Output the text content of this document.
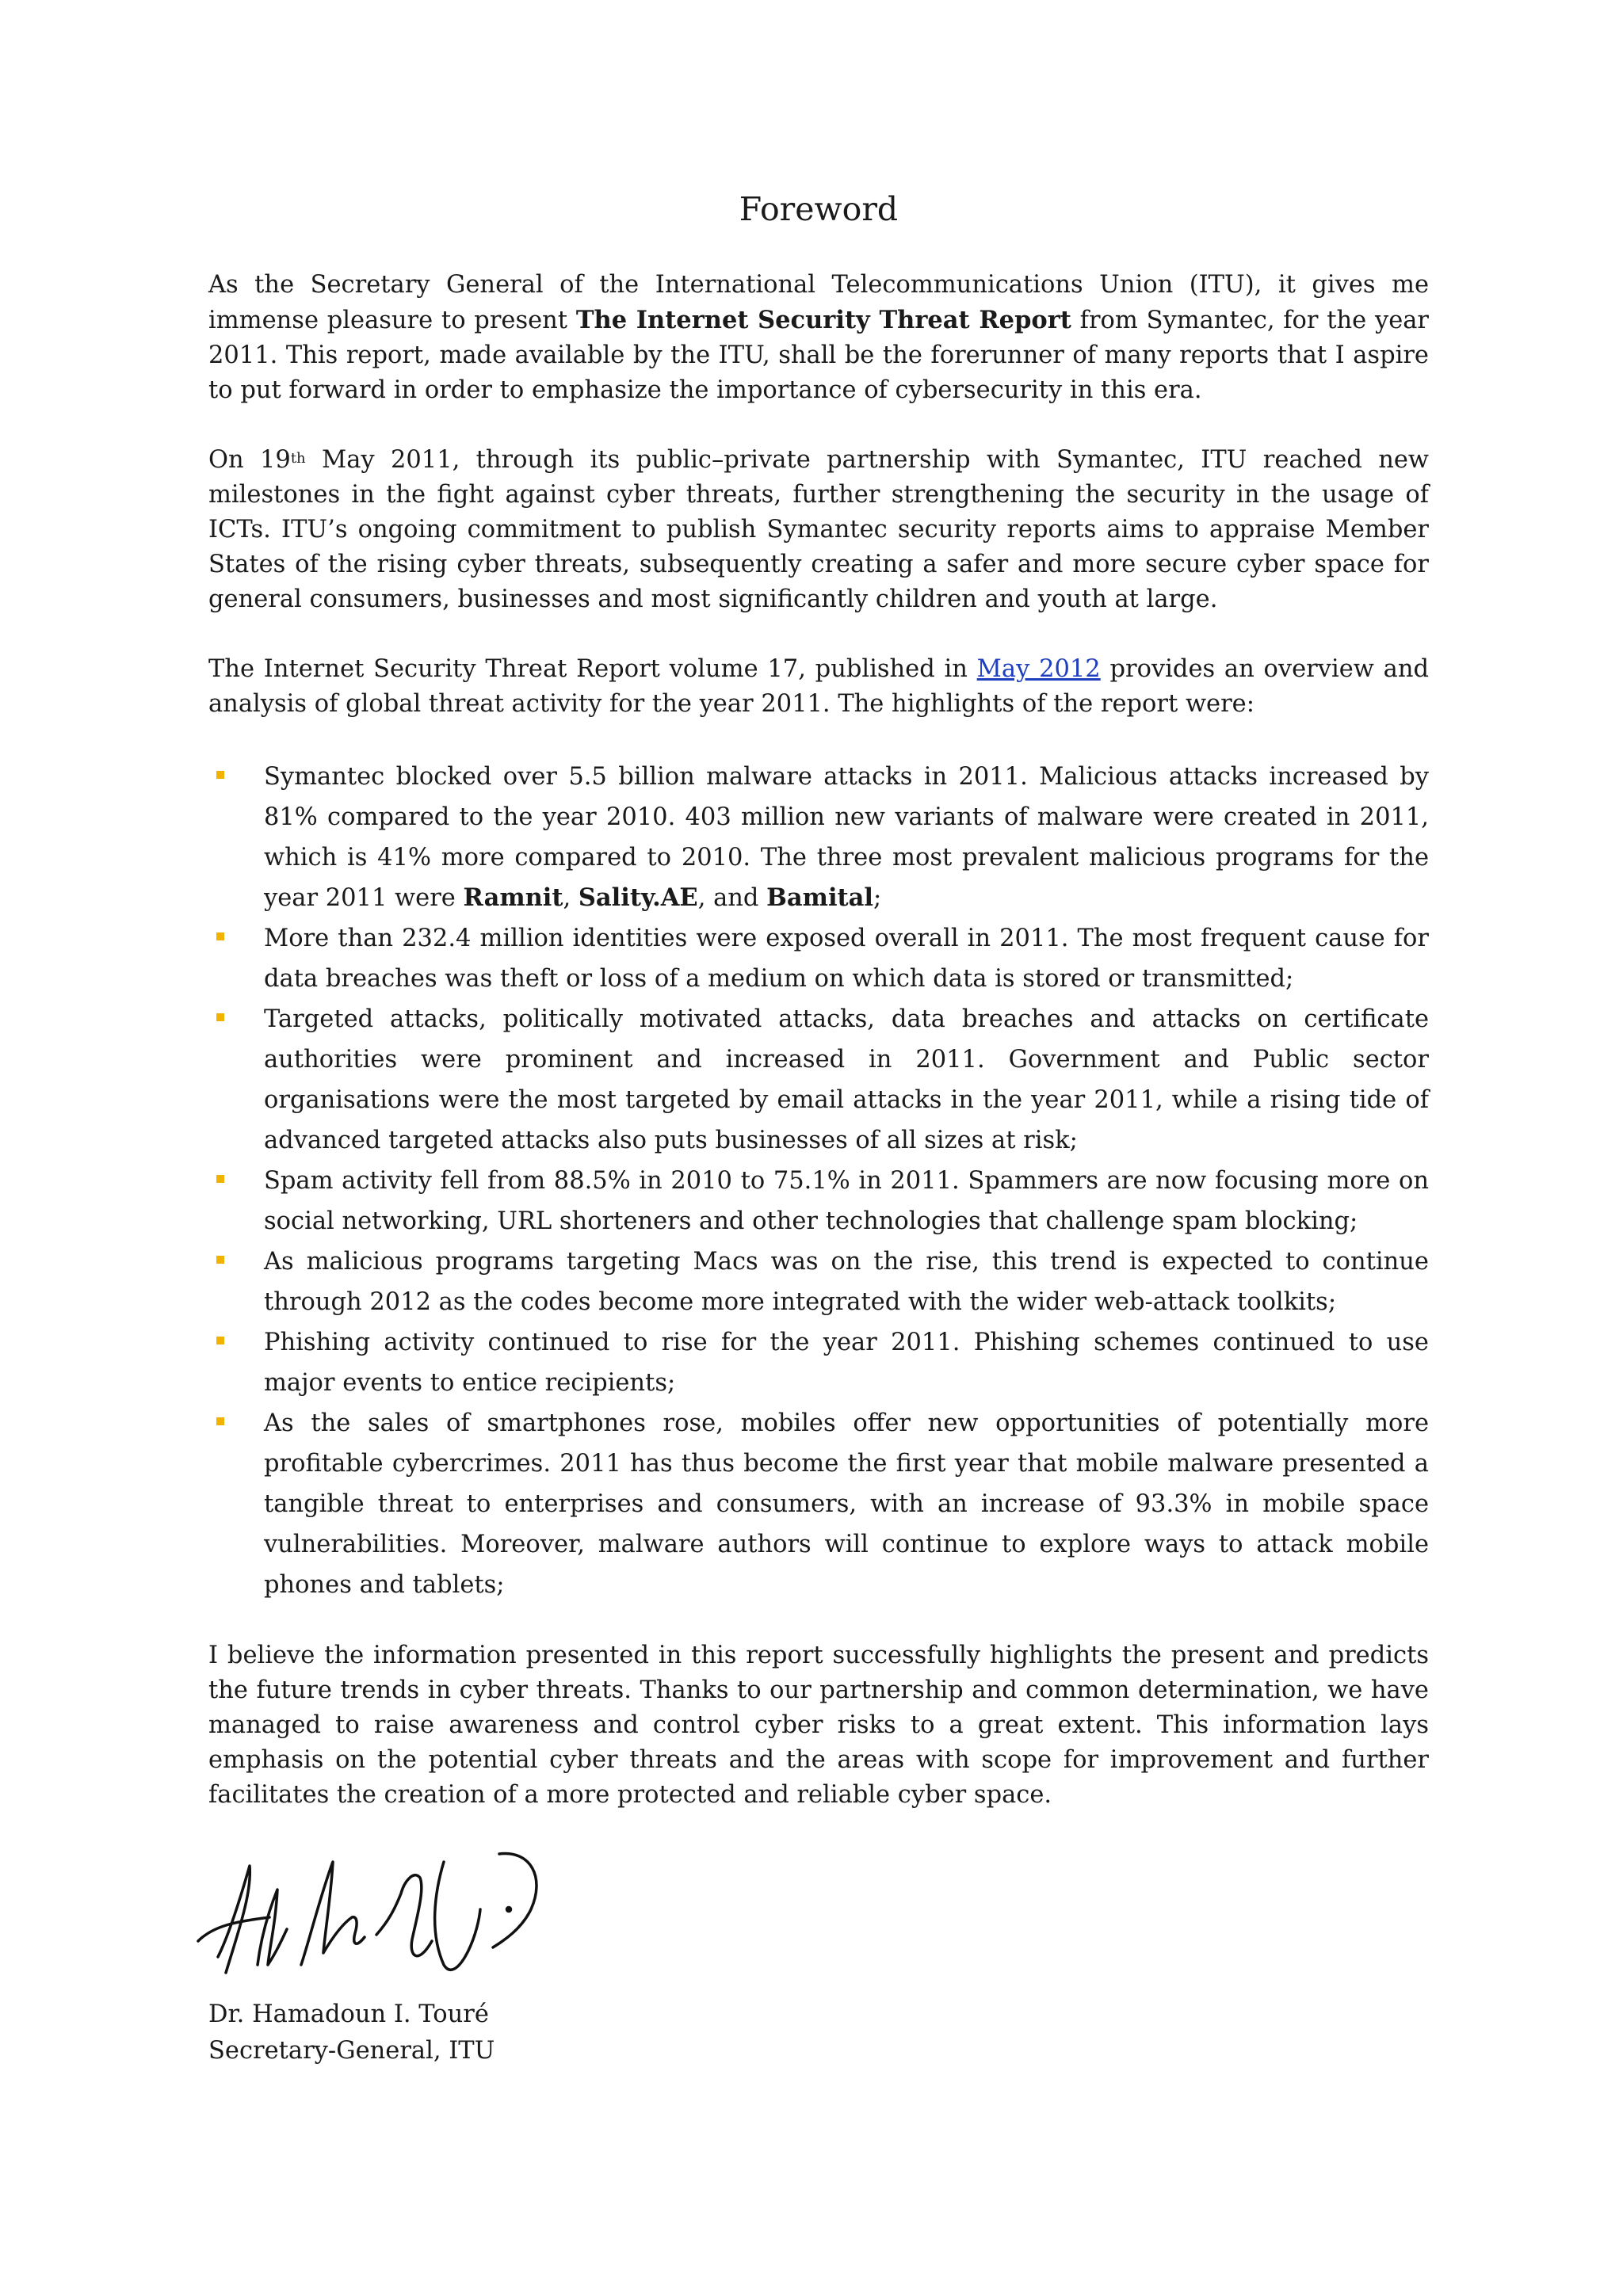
Foreword

As the Secretary General of the International Telecommunications Union (ITU), it gives me immense pleasure to present The Internet Security Threat Report from Symantec, for the year 2011. This report, made available by the ITU, shall be the forerunner of many reports that I aspire to put forward in order to emphasize the importance of cybersecurity in this era.

On 19th May 2011, through its public–private partnership with Symantec, ITU reached new milestones in the fight against cyber threats, further strengthening the security in the usage of ICTs. ITU’s ongoing commitment to publish Symantec security reports aims to appraise Member States of the rising cyber threats, subsequently creating a safer and more secure cyber space for general consumers, businesses and most significantly children and youth at large.

The Internet Security Threat Report volume 17, published in May 2012 provides an overview and analysis of global threat activity for the year 2011. The highlights of the report were:

Symantec blocked over 5.5 billion malware attacks in 2011. Malicious attacks increased by 81% compared to the year 2010. 403 million new variants of malware were created in 2011, which is 41% more compared to 2010. The three most prevalent malicious programs for the year 2011 were Ramnit, Sality.AE, and Bamital;
More than 232.4 million identities were exposed overall in 2011. The most frequent cause for data breaches was theft or loss of a medium on which data is stored or transmitted;
Targeted attacks, politically motivated attacks, data breaches and attacks on certificate authorities were prominent and increased in 2011. Government and Public sector organisations were the most targeted by email attacks in the year 2011, while a rising tide of advanced targeted attacks also puts businesses of all sizes at risk;
Spam activity fell from 88.5% in 2010 to 75.1% in 2011. Spammers are now focusing more on social networking, URL shorteners and other technologies that challenge spam blocking;
As malicious programs targeting Macs was on the rise, this trend is expected to continue through 2012 as the codes become more integrated with the wider web-attack toolkits;
Phishing activity continued to rise for the year 2011. Phishing schemes continued to use major events to entice recipients;
As the sales of smartphones rose, mobiles offer new opportunities of potentially more profitable cybercrimes. 2011 has thus become the first year that mobile malware presented a tangible threat to enterprises and consumers, with an increase of 93.3% in mobile space vulnerabilities. Moreover, malware authors will continue to explore ways to attack mobile phones and tablets;

I believe the information presented in this report successfully highlights the present and predicts the future trends in cyber threats. Thanks to our partnership and common determination, we have managed to raise awareness and control cyber risks to a great extent. This information lays emphasis on the potential cyber threats and the areas with scope for improvement and further facilitates the creation of a more protected and reliable cyber space.

Dr. Hamadoun I. Touré
Secretary-General, ITU
